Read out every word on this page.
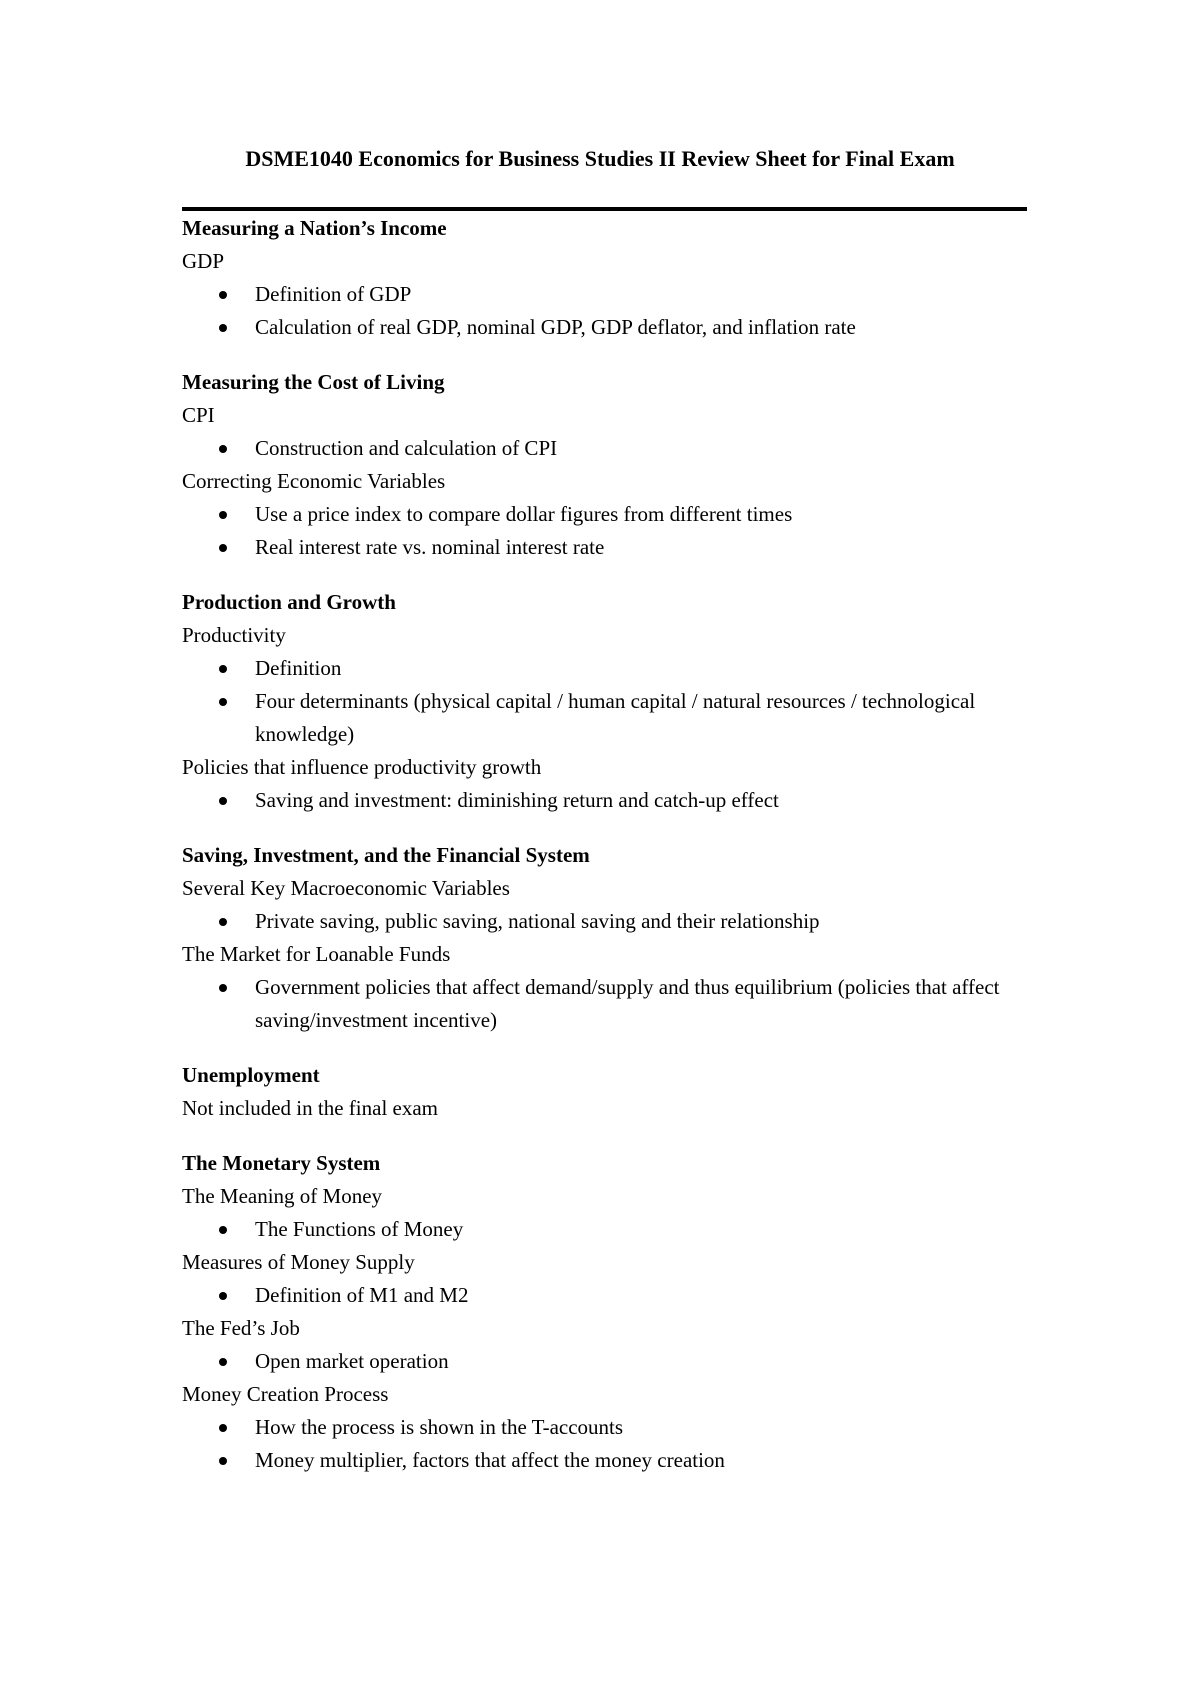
DSME1040 Economics for Business Studies II Review Sheet for Final Exam
Measuring a Nation’s Income
GDP
Definition of GDP
Calculation of real GDP, nominal GDP, GDP deflator, and inflation rate
Measuring the Cost of Living
CPI
Construction and calculation of CPI
Correcting Economic Variables
Use a price index to compare dollar figures from different times
Real interest rate vs. nominal interest rate
Production and Growth
Productivity
Definition
Four determinants (physical capital / human capital / natural resources / technological knowledge)
Policies that influence productivity growth
Saving and investment: diminishing return and catch-up effect
Saving, Investment, and the Financial System
Several Key Macroeconomic Variables
Private saving, public saving, national saving and their relationship
The Market for Loanable Funds
Government policies that affect demand/supply and thus equilibrium (policies that affect saving/investment incentive)
Unemployment
Not included in the final exam
The Monetary System
The Meaning of Money
The Functions of Money
Measures of Money Supply
Definition of M1 and M2
The Fed’s Job
Open market operation
Money Creation Process
How the process is shown in the T-accounts
Money multiplier, factors that affect the money creation
